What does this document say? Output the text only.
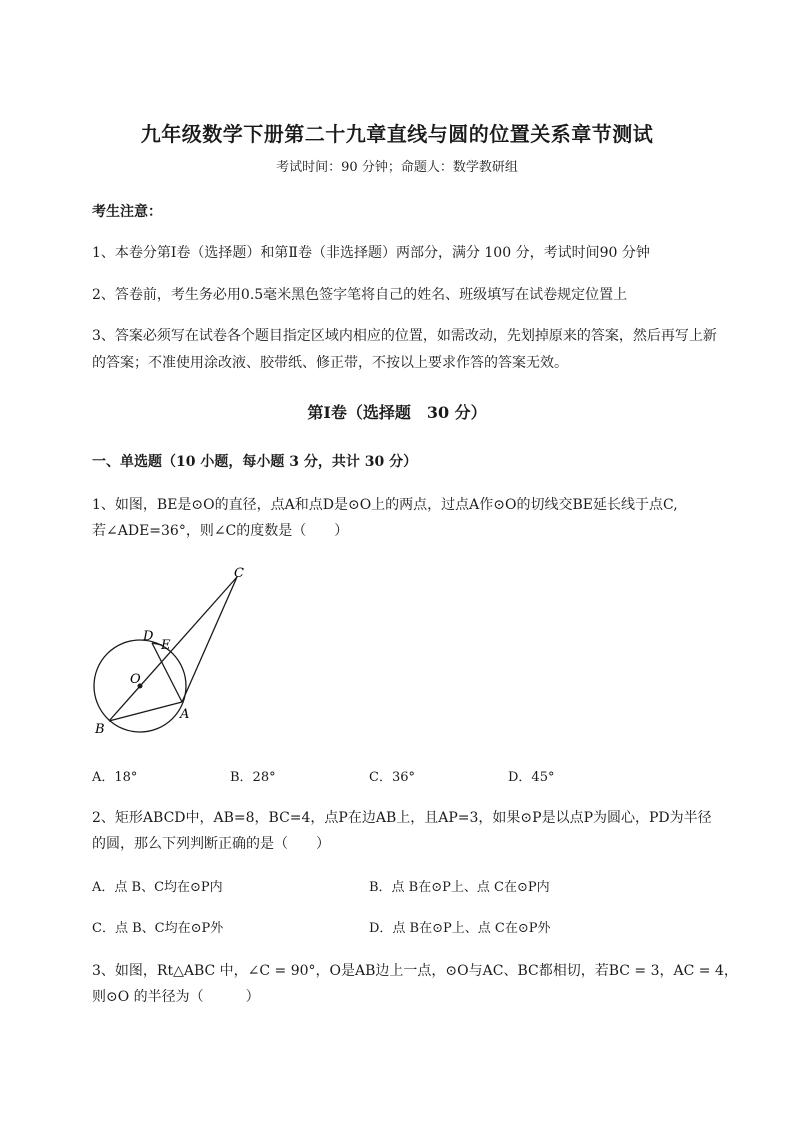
九年级数学下册第二十九章直线与圆的位置关系章节测试
考试时间：90 分钟；命题人：数学教研组
考生注意：
1、本卷分第Ⅰ卷（选择题）和第Ⅱ卷（非选择题）两部分，满分 100 分，考试时间90 分钟
2、答卷前，考生务必用0.5毫米黑色签字笔将自己的姓名、班级填写在试卷规定位置上
3、答案必须写在试卷各个题目指定区域内相应的位置，如需改动，先划掉原来的答案，然后再写上新
的答案；不准使用涂改液、胶带纸、修正带，不按以上要求作答的答案无效。
第Ⅰ卷（选择题　30 分）
一、单选题（10 小题，每小题 3 分，共计 30 分）
1、如图，BE是⊙O的直径，点A和点D是⊙O上的两点，过点A作⊙O的切线交BE延长线于点C,
若∠ADE=36°，则∠C的度数是（　　）
C
D
E
O
A
B
A．18°	B．28°	C．36°	D．45°
2、矩形ABCD中，AB=8，BC=4，点P在边AB上，且AP=3，如果⊙P是以点P为圆心，PD为半径
的圆，那么下列判断正确的是（　　）
A．点 B、C均在⊙P内	B．点 B在⊙P上、点 C在⊙P内
C．点 B、C均在⊙P外	D．点 B在⊙P上、点 C在⊙P外
3、如图，Rt△ABC 中，∠C = 90°，O是AB边上一点，⊙O与AC、BC都相切，若BC = 3，AC = 4，
则⊙O 的半径为（　　　）
